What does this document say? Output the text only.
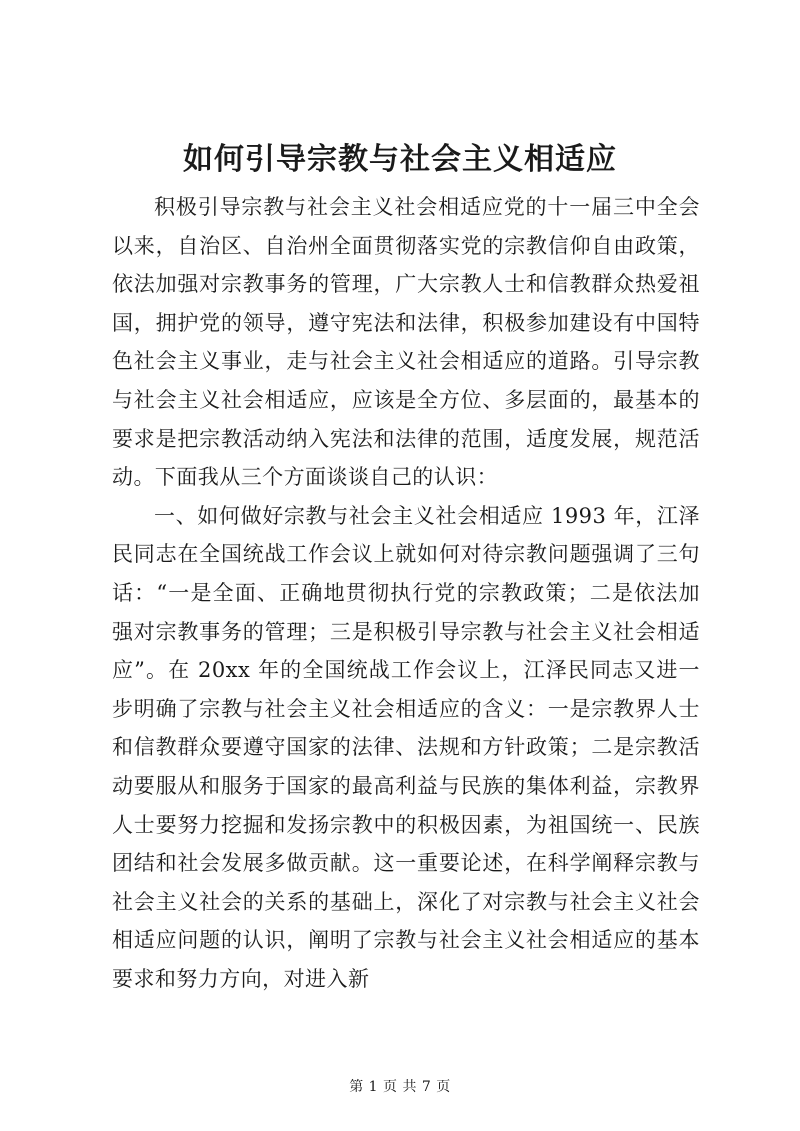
如何引导宗教与社会主义相适应

积极引导宗教与社会主义社会相适应党的十一届三中全会以来，自治区、自治州全面贯彻落实党的宗教信仰自由政策，依法加强对宗教事务的管理，广大宗教人士和信教群众热爱祖国，拥护党的领导，遵守宪法和法律，积极参加建设有中国特色社会主义事业，走与社会主义社会相适应的道路。引导宗教与社会主义社会相适应，应该是全方位、多层面的，最基本的要求是把宗教活动纳入宪法和法律的范围，适度发展，规范活动。下面我从三个方面谈谈自己的认识：

一、如何做好宗教与社会主义社会相适应 1993 年，江泽民同志在全国统战工作会议上就如何对待宗教问题强调了三句话：“一是全面、正确地贯彻执行党的宗教政策；二是依法加强对宗教事务的管理；三是积极引导宗教与社会主义社会相适应”。在 20xx 年的全国统战工作会议上，江泽民同志又进一步明确了宗教与社会主义社会相适应的含义：一是宗教界人士和信教群众要遵守国家的法律、法规和方针政策；二是宗教活动要服从和服务于国家的最高利益与民族的集体利益，宗教界人士要努力挖掘和发扬宗教中的积极因素，为祖国统一、民族团结和社会发展多做贡献。这一重要论述，在科学阐释宗教与社会主义社会的关系的基础上，深化了对宗教与社会主义社会相适应问题的认识，阐明了宗教与社会主义社会相适应的基本要求和努力方向，对进入新

第 1 页 共 7 页
